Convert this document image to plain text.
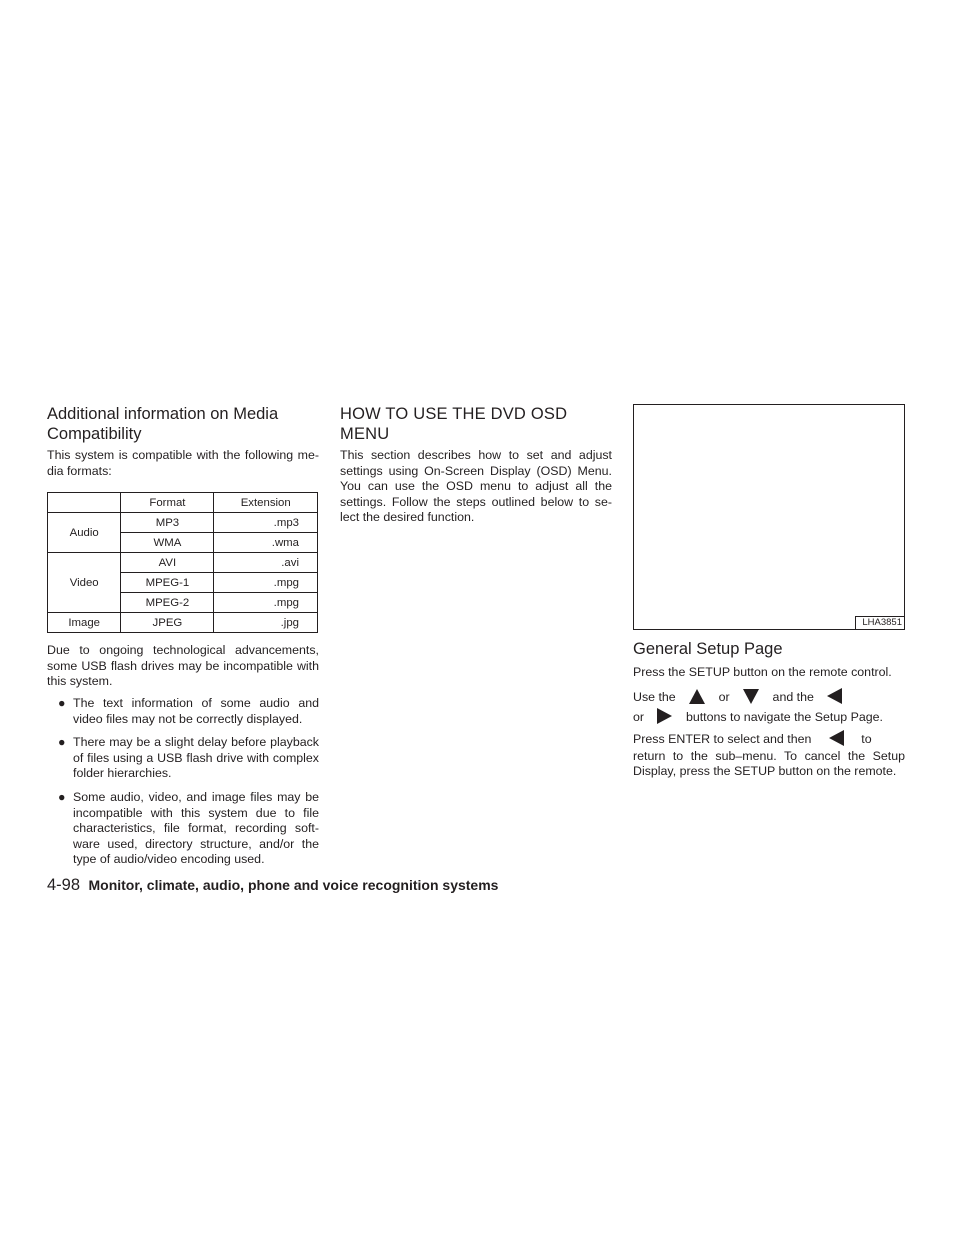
Additional information on Media Compatibility

This system is compatible with the following me-dia formats:

	Format	Extension
Audio	MP3	.mp3
	WMA	.wma
Video	AVI	.avi
	MPEG-1	.mpg
	MPEG-2	.mpg
Image	JPEG	.jpg

Due to ongoing technological advancements, some USB flash drives may be incompatible with this system.

● The text information of some audio and video files may not be correctly displayed.
● There may be a slight delay before playback of files using a USB flash drive with complex folder hierarchies.
● Some audio, video, and image files may be incompatible with this system due to file characteristics, file format, recording soft-ware used, directory structure, and/or the type of audio/video encoding used.
HOW TO USE THE DVD OSD MENU

This section describes how to set and adjust settings using On-Screen Display (OSD) Menu. You can use the OSD menu to adjust all the settings. Follow the steps outlined below to se-lect the desired function.

LHA3851
General Setup Page

Press the SETUP button on the remote control.

Use the	or	and the
or	buttons to navigate the Setup Page.

Press ENTER to select and then	to
return to the sub–menu. To cancel the Setup Display, press the SETUP button on the remote.

4-98 Monitor, climate, audio, phone and voice recognition systems
